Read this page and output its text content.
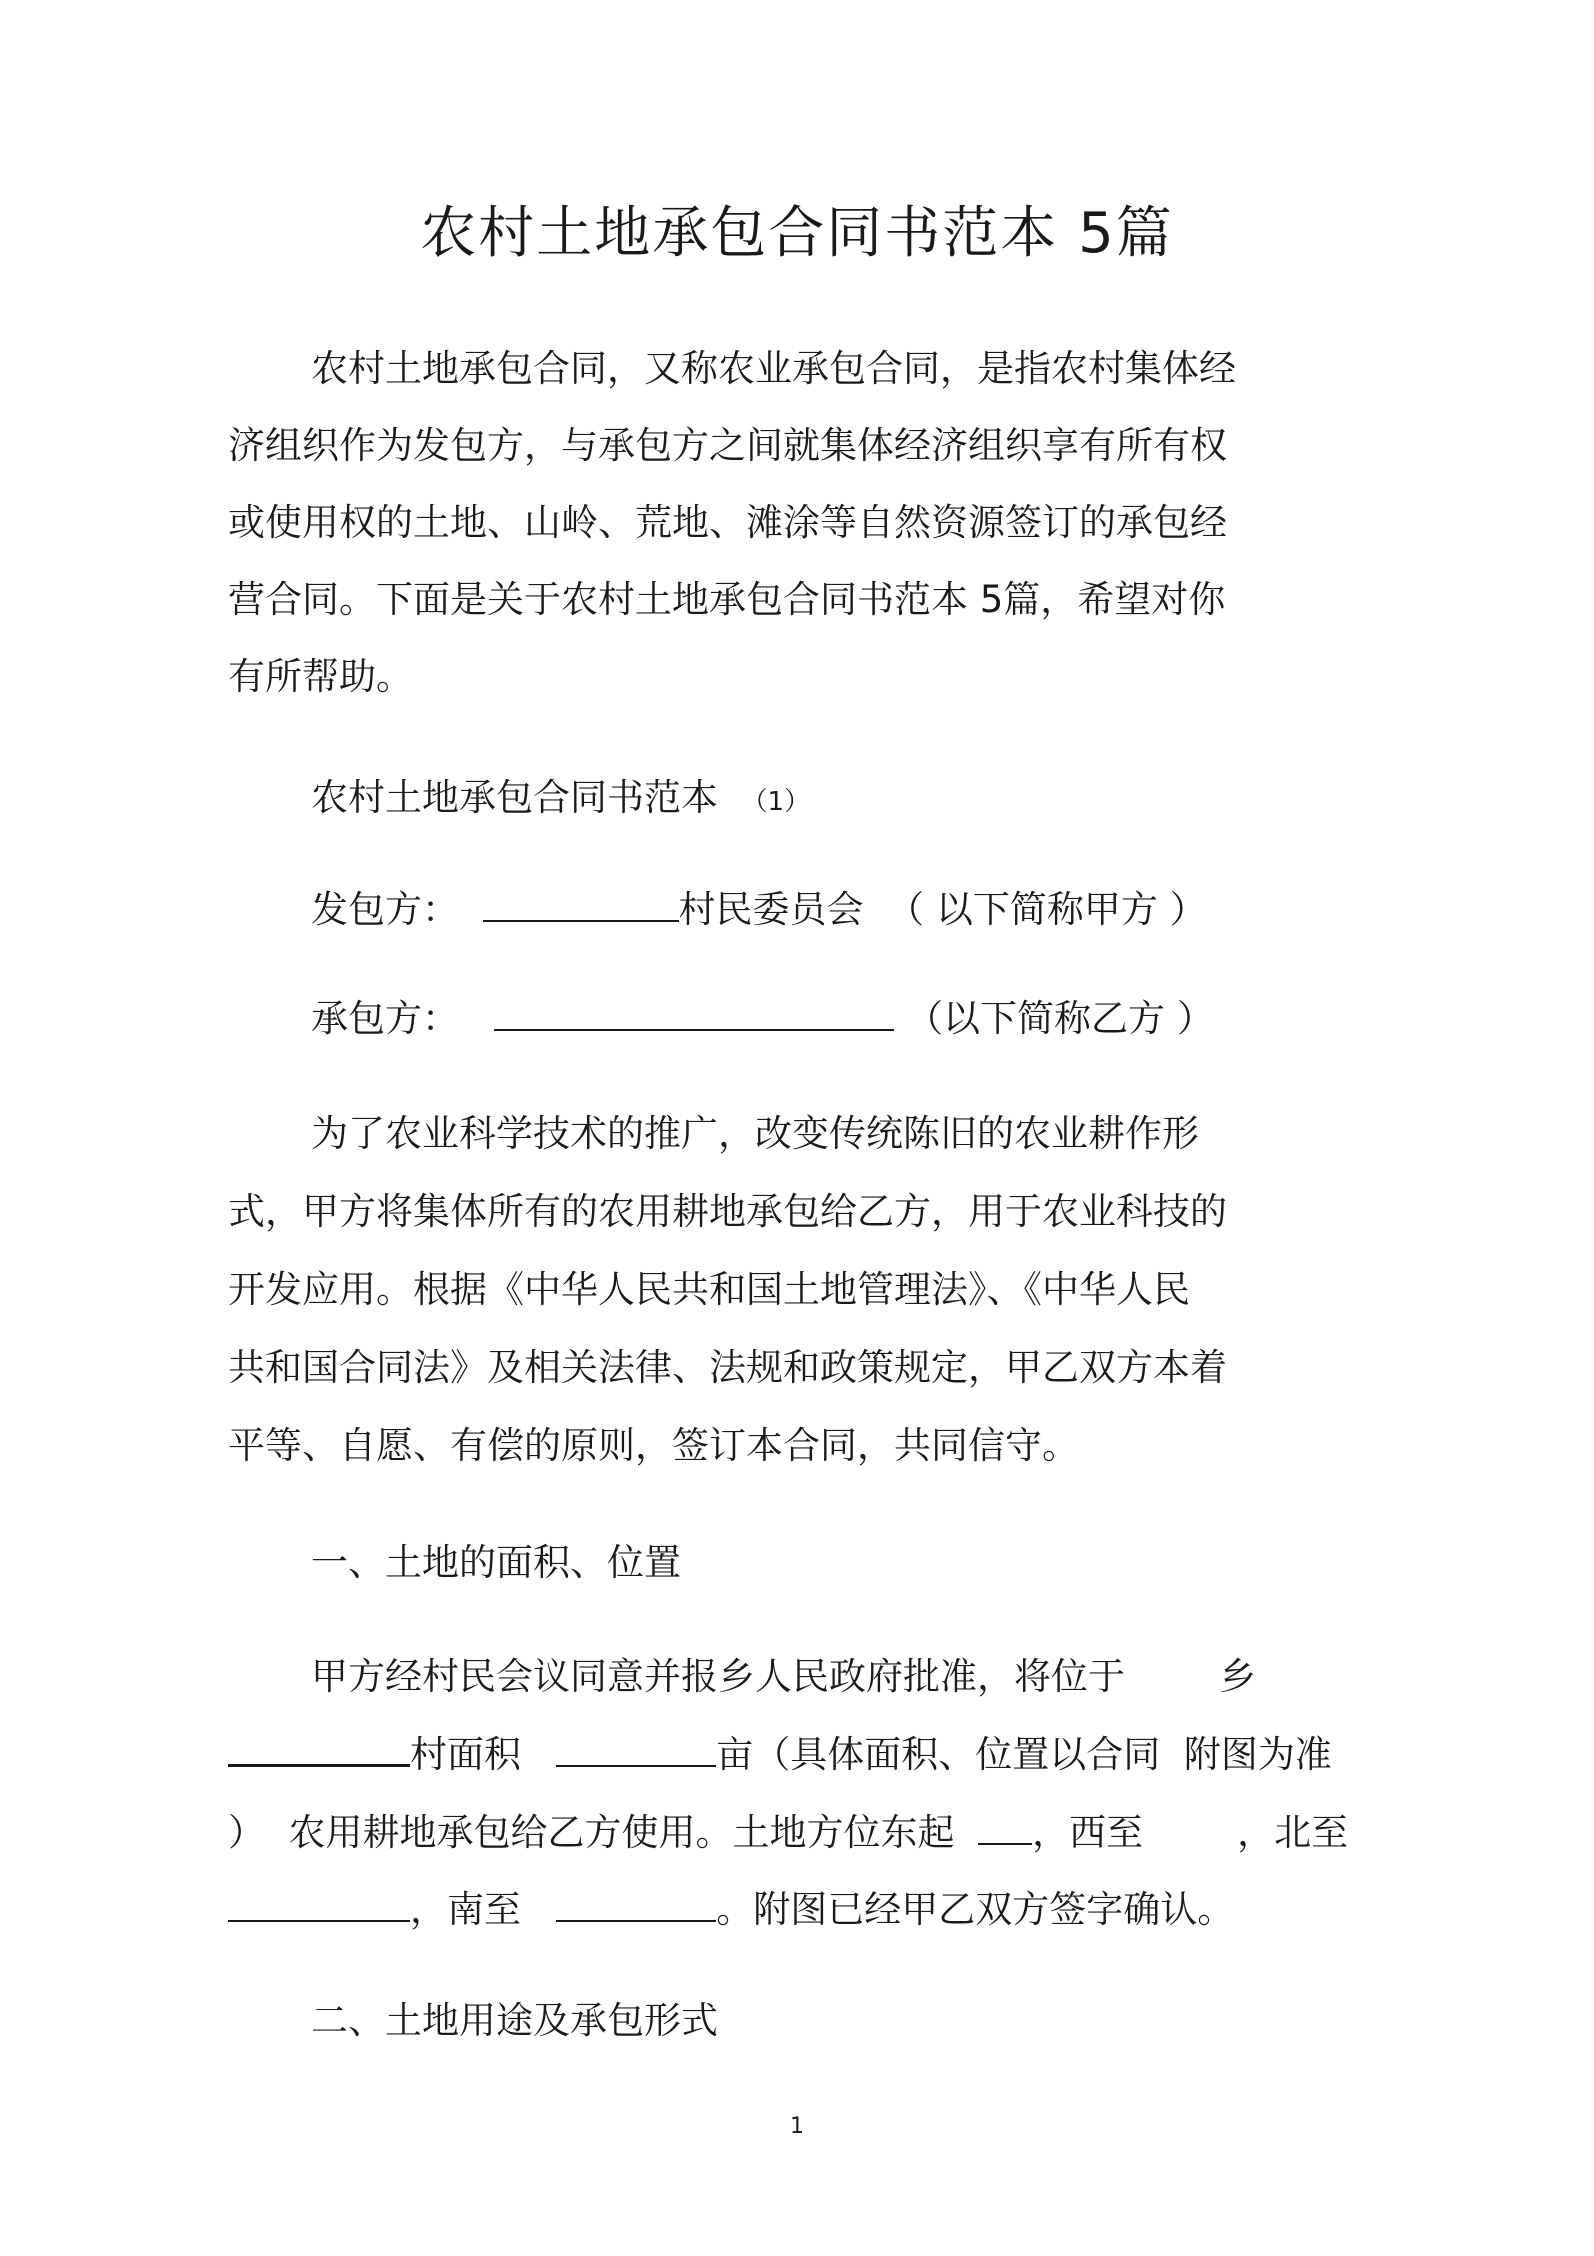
农村土地承包合同书范本 5篇
农村土地承包合同，又称农业承包合同，是指农村集体经
济组织作为发包方，与承包方之间就集体经济组织享有所有权
或使用权的土地、山岭、荒地、滩涂等自然资源签订的承包经
营合同。下面是关于农村土地承包合同书范本 5篇，希望对你
有所帮助。
农村土地承包合同书范本 （1）
发包方：	村民委员会 （ 以下简称甲方 ）
承包方：	（以下简称乙方 ）
为了农业科学技术的推广，改变传统陈旧的农业耕作形
式，甲方将集体所有的农用耕地承包给乙方，用于农业科技的
开发应用。根据《中华人民共和国土地管理法》、《中华人民
共和国合同法》及相关法律、法规和政策规定，甲乙双方本着
平等、自愿、有偿的原则，签订本合同，共同信守。
一、土地的面积、位置
甲方经村民会议同意并报乡人民政府批准，将位于	乡
村面积	亩（具体面积、位置以合同  附图为准
）  农用耕地承包给乙方使用。土地方位东起 ，西至	，北至
，南至	。附图已经甲乙双方签字确认。
二、土地用途及承包形式
1
